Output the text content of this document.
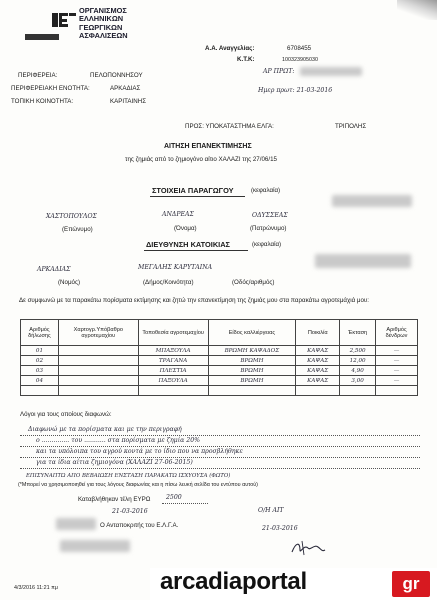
ΟΡΓΑΝΙΣΜΟΣ
ΕΛΛΗΝΙΚΩΝ
ΓΕΩΡΓΙΚΩΝ
ΑΣΦΑΛΙΣΕΩΝ
Α.Α. Αναγγελίας:	6708455
Κ.Τ.Κ:	100323905030
ΑΡ ΠΡΩΤ:
Ημερ πρωτ: 21-03-2016
ΠΕΡΙΦΕΡΕΙΑ:	ΠΕΛΟΠΟΝΝΗΣΟΥ
ΠΕΡΙΦΕΡΕΙΑΚΗ ΕΝΟΤΗΤΑ:	ΑΡΚΑΔΙΑΣ
ΤΟΠΙΚΗ ΚΟΙΝΟΤΗΤΑ:	ΚΑΡΙΤΑΙΝΗΣ
ΠΡΟΣ: ΥΠΟΚΑΤΑΣΤΗΜΑ ΕΛΓΑ:	ΤΡΙΠΟΛΗΣ
ΑΙΤΗΣΗ ΕΠΑΝΕΚΤΙΜΗΣΗΣ
της ζημιάς από το ζημιογόνο αίτιο ΧΑΛΑΖΙ της 27/06/15
ΣΤΟΙΧΕΙΑ ΠΑΡΑΓΩΓΟΥ	(κεφαλαία)
ΧΑΣΤΟΠΟΥΛΟΣ	ΑΝΔΡΕΑΣ	ΟΔΥΣΣΕΑΣ
(Επώνυμο)	(Όνομα)	(Πατρώνυμο)
ΔΙΕΥΘΥΝΣΗ ΚΑΤΟΙΚΙΑΣ	(κεφαλαία)
ΑΡΚΑΔΙΑΣ	ΜΕΓΑΛΗΣ ΚΑΡΥΤΑΙΝΑ
(Νομός)	(Δήμος/Κοινότητα)	(Οδός/αριθμός)
Δε συμφωνώ με τα παρακάτω πορίσματα εκτίμησης και ζητώ την επανεκτίμηση της ζημιάς μου στα παρακάτω αγροτεμάχιά μου:
Αριθμός δήλωσης	Χαρτογρ.Υπόβαθρο αγροτεμαχίου	Τοποθεσία αγροτεμαχίου	Είδος καλλιέργειας	Ποικιλία	Έκταση	Αριθμός δένδρων
01		ΜΠΑΞΟΥΛΑ	ΒΡΩΜΗ ΚΑΨΑΔΟΣ	ΚΑΨΑΣ	2,500	—
02		ΤΡΑΓΑΝΑ	ΒΡΩΜΗ	ΚΑΨΑΣ	12,00	—
03		ΠΛΕΣΤΙΑ	ΒΡΩΜΗ	ΚΑΨΑΣ	4,90	—
04		ΠΑΞΟΥΛΑ	ΒΡΩΜΗ	ΚΑΨΑΣ	3,00	—

Λόγοι για τους οποίους διαφωνώ:
Διαφωνώ με τα πορίσματα και με την περιγραφή
ο .............. του ........... στα πορίσματα με ζημία 20%
και τα υπόλοιπα του αγρού κοντά με το ίδιο που να προσβλήθηκε
για τα ίδια αίτια ζημιογόνα (ΧΑΛΑΖΙ 27-06-2015)
ΕΠΙΣΥΝΑΠΤΩ ΑΠΟ ΒΕΒΑΙΩΣΗ ΕΝΣΤΑΣΗ ΠΑΡΑΚΑΤΩ ΙΣΧΥΟΥΣΑ (ΦΩΤΟ)
(*Μπορεί να χρησιμοποιηθεί για τους λόγους διαφωνίας και η πίσω λευκή σελίδα του εντύπου αυτού)
Καταβλήθηκαν τέλη ΕΥΡΩ	2500
21-03-2016
Ο Ανταποκριτής του Ε.Λ.Γ.Α.
Ο/Η ΑΙΤ
21-03-2016
4/3/2016 11:21 πμ	arcadiaportal	gr
